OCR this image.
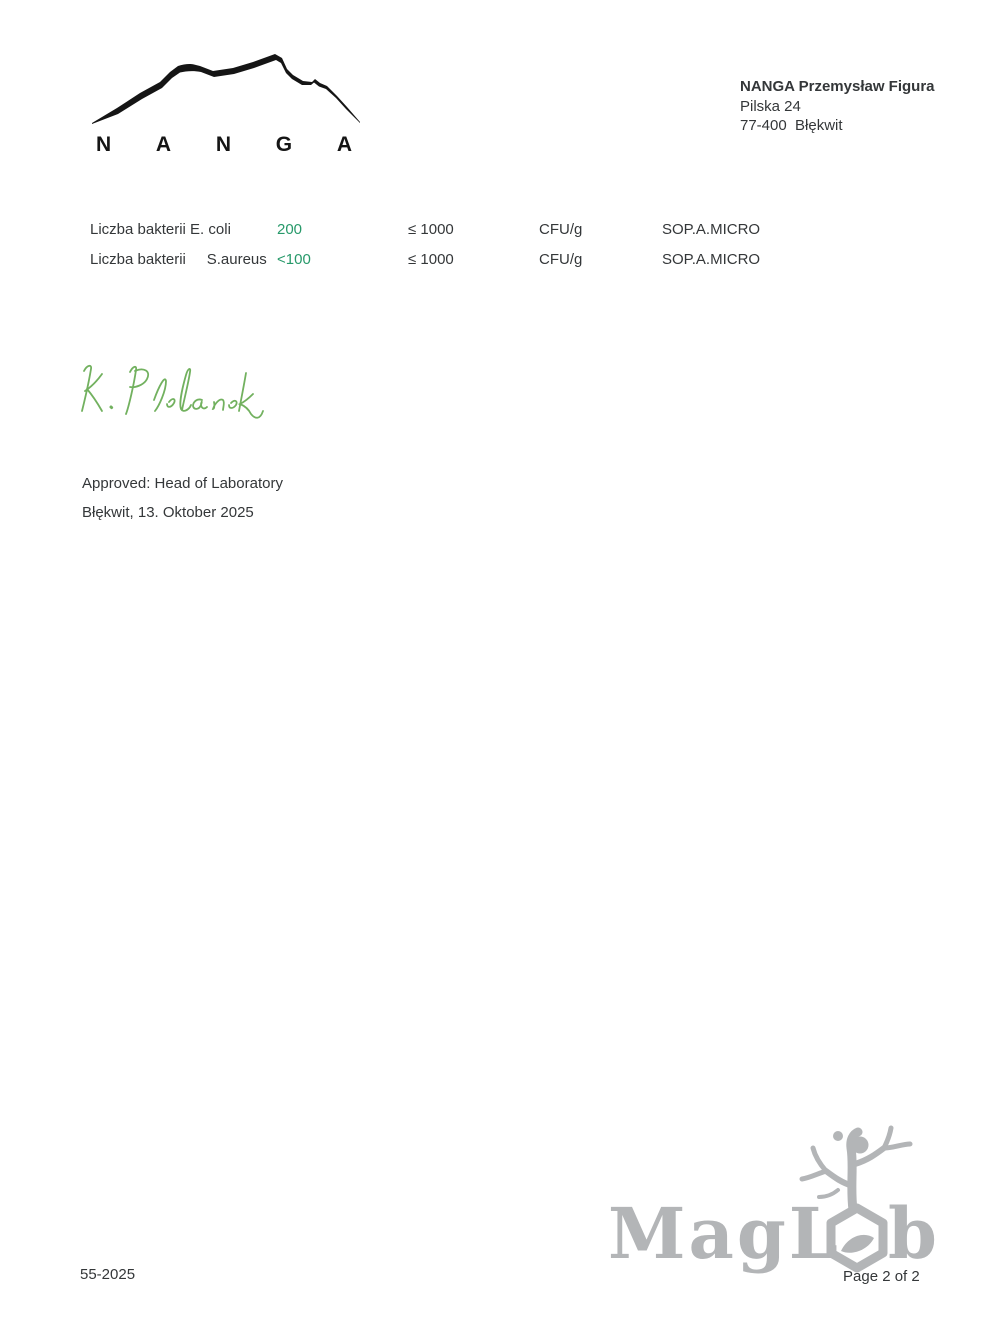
NANGA
NANGA Przemysław Figura
Pilska 24
77-400  Błękwit
Liczba bakterii E. coli	200	≤ 1000	CFU/g	SOP.A.MICRO
Liczba bakterii     S.aureus <100	≤ 1000	CFU/g	SOP.A.MICRO
Approved: Head of Laboratory
Błękwit, 13. Oktober 2025
55-2025	MagL b
Page 2 of 2
